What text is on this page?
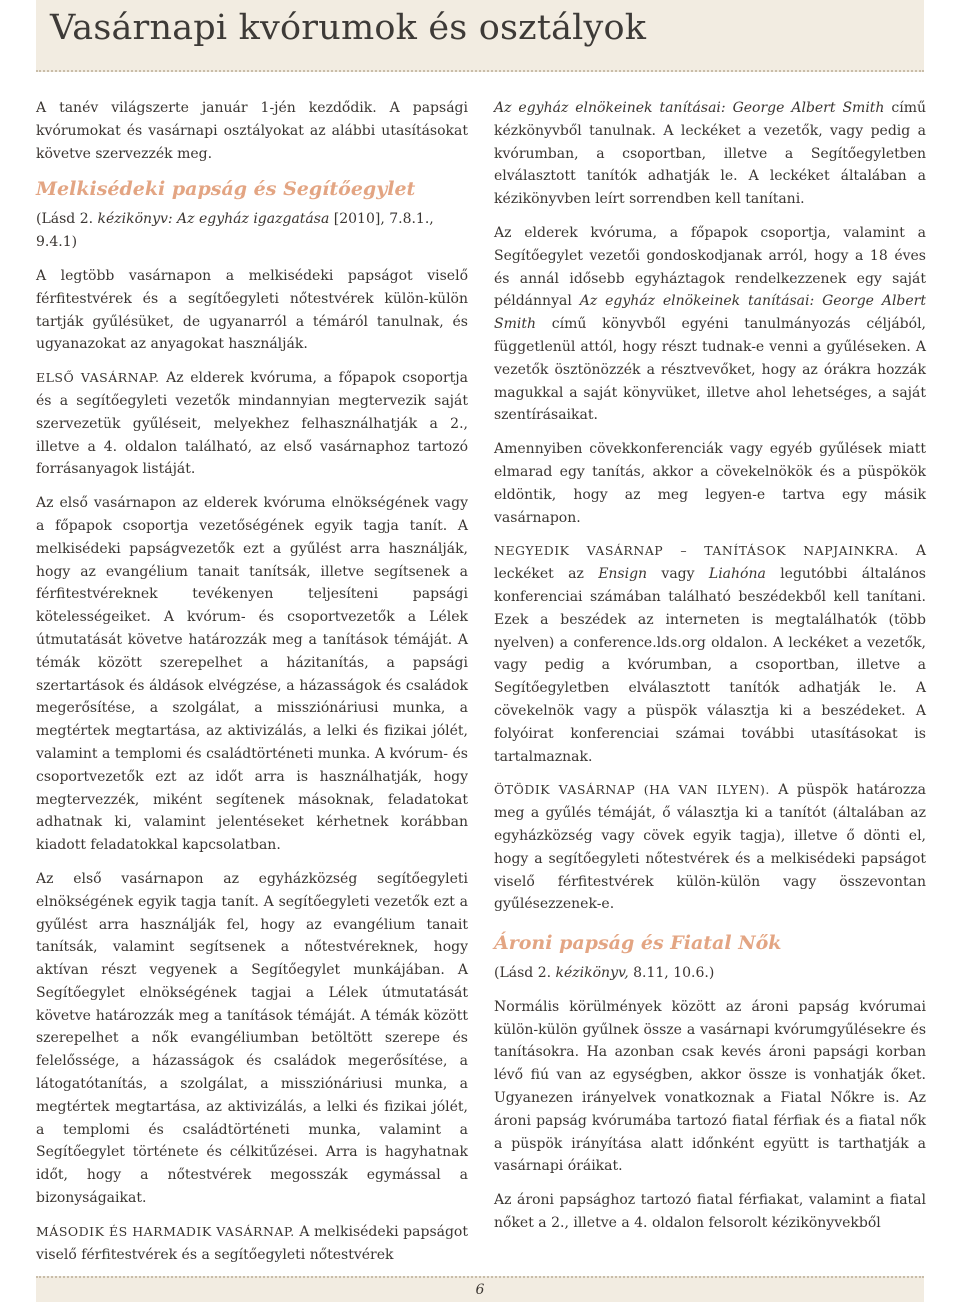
Vasárnapi kvórumok és osztályok

A tanév világszerte január 1-jén kezdődik. A papsági kvórumokat és vasárnapi osztályokat az alábbi utasításokat követve szervezzék meg.

Melkisédeki papság és Segítőegylet

(Lásd 2. kézikönyv: Az egyház igazgatása [2010], 7.8.1., 9.4.1)

A legtöbb vasárnapon a melkisédeki papságot viselő férfitestvérek és a segítőegyleti nőtestvérek külön-külön tartják gyűlésüket, de ugyanarról a témáról tanulnak, és ugyanazokat az anyagokat használják.

ELSŐ VASÁRNAP. Az elderek kvóruma, a főpapok csoportja és a segítőegyleti vezetők mindannyian megtervezik saját szervezetük gyűléseit, melyekhez felhasználhatják a 2., illetve a 4. oldalon található, az első vasárnaphoz tartozó forrásanyagok listáját.

Az első vasárnapon az elderek kvóruma elnökségének vagy a főpapok csoportja vezetőségének egyik tagja tanít. A melkisédeki papságvezetők ezt a gyűlést arra használják, hogy az evangélium tanait tanítsák, illetve segítsenek a férfitestvéreknek tevékenyen teljesíteni papsági kötelességeiket. A kvórum- és csoportvezetők a Lélek útmutatását követve határozzák meg a tanítások témáját. A témák között szerepelhet a házitanítás, a papsági szertartások és áldások elvégzése, a házasságok és családok megerősítése, a szolgálat, a missziónáriusi munka, a megtértek megtartása, az aktivizálás, a lelki és fizikai jólét, valamint a templomi és családtörténeti munka. A kvórum- és csoportvezetők ezt az időt arra is használhatják, hogy megtervezzék, miként segítenek másoknak, feladatokat adhatnak ki, valamint jelentéseket kérhetnek korábban kiadott feladatokkal kapcsolatban.

Az első vasárnapon az egyházközség segítőegyleti elnökségének egyik tagja tanít. A segítőegyleti vezetők ezt a gyűlést arra használják fel, hogy az evangélium tanait tanítsák, valamint segítsenek a nőtestvéreknek, hogy aktívan részt vegyenek a Segítőegylet munkájában. A Segítőegylet elnökségének tagjai a Lélek útmutatását követve határozzák meg a tanítások témáját. A témák között szerepelhet a nők evangéliumban betöltött szerepe és felelőssége, a házasságok és családok megerősítése, a látogatótanítás, a szolgálat, a missziónáriusi munka, a megtértek megtartása, az aktivizálás, a lelki és fizikai jólét, a templomi és családtörténeti munka, valamint a Segítőegylet története és célkitűzései. Arra is hagyhatnak időt, hogy a nőtestvérek megosszák egymással a bizonyságaikat.

MÁSODIK ÉS HARMADIK VASÁRNAP. A melkisédeki papságot viselő férfitestvérek és a segítőegyleti nőtestvérek

Az egyház elnökeinek tanításai: George Albert Smith című kézkönyvből tanulnak. A leckéket a vezetők, vagy pedig a kvórumban, a csoportban, illetve a Segítőegyletben elválasztott tanítók adhatják le. A leckéket általában a kézikönyvben leírt sorrendben kell tanítani.

Az elderek kvóruma, a főpapok csoportja, valamint a Segítőegylet vezetői gondoskodjanak arról, hogy a 18 éves és annál idősebb egyháztagok rendelkezzenek egy saját példánnyal Az egyház elnökeinek tanításai: George Albert Smith című könyvből egyéni tanulmányozás céljából, függetlenül attól, hogy részt tudnak-e venni a gyűléseken. A vezetők ösztönözzék a résztvevőket, hogy az órákra hozzák magukkal a saját könyvüket, illetve ahol lehetséges, a saját szentírásaikat.

Amennyiben cövekkonferenciák vagy egyéb gyűlések miatt elmarad egy tanítás, akkor a cövekelnökök és a püspökök eldöntik, hogy az meg legyen-e tartva egy másik vasárnapon.

NEGYEDIK VASÁRNAP – TANÍTÁSOK NAPJAINKRA. A leckéket az Ensign vagy Liahóna legutóbbi általános konferenciai számában található beszédekből kell tanítani. Ezek a beszédek az interneten is megtalálhatók (több nyelven) a conference.lds.org oldalon. A leckéket a vezetők, vagy pedig a kvórumban, a csoportban, illetve a Segítőegyletben elválasztott tanítók adhatják le. A cövekelnök vagy a püspök választja ki a beszédeket. A folyóirat konferenciai számai további utasításokat is tartalmaznak.

ÖTÖDIK VASÁRNAP (HA VAN ILYEN). A püspök határozza meg a gyűlés témáját, ő választja ki a tanítót (általában az egyházközség vagy cövek egyik tagja), illetve ő dönti el, hogy a segítőegyleti nőtestvérek és a melkisédeki papságot viselő férfitestvérek külön-külön vagy összevontan gyűlésezzenek-e.

Ároni papság és Fiatal Nők

(Lásd 2. kézikönyv, 8.11, 10.6.)

Normális körülmények között az ároni papság kvórumai külön-külön gyűlnek össze a vasárnapi kvórumgyűlésekre és tanításokra. Ha azonban csak kevés ároni papsági korban lévő fiú van az egységben, akkor össze is vonhatják őket. Ugyanezen irányelvek vonatkoznak a Fiatal Nőkre is. Az ároni papság kvórumába tartozó fiatal férfiak és a fiatal nők a püspök irányítása alatt időnként együtt is tarthatják a vasárnapi óráikat.

Az ároni papsághoz tartozó fiatal férfiakat, valamint a fiatal nőket a 2., illetve a 4. oldalon felsorolt kézikönyvekből

6
